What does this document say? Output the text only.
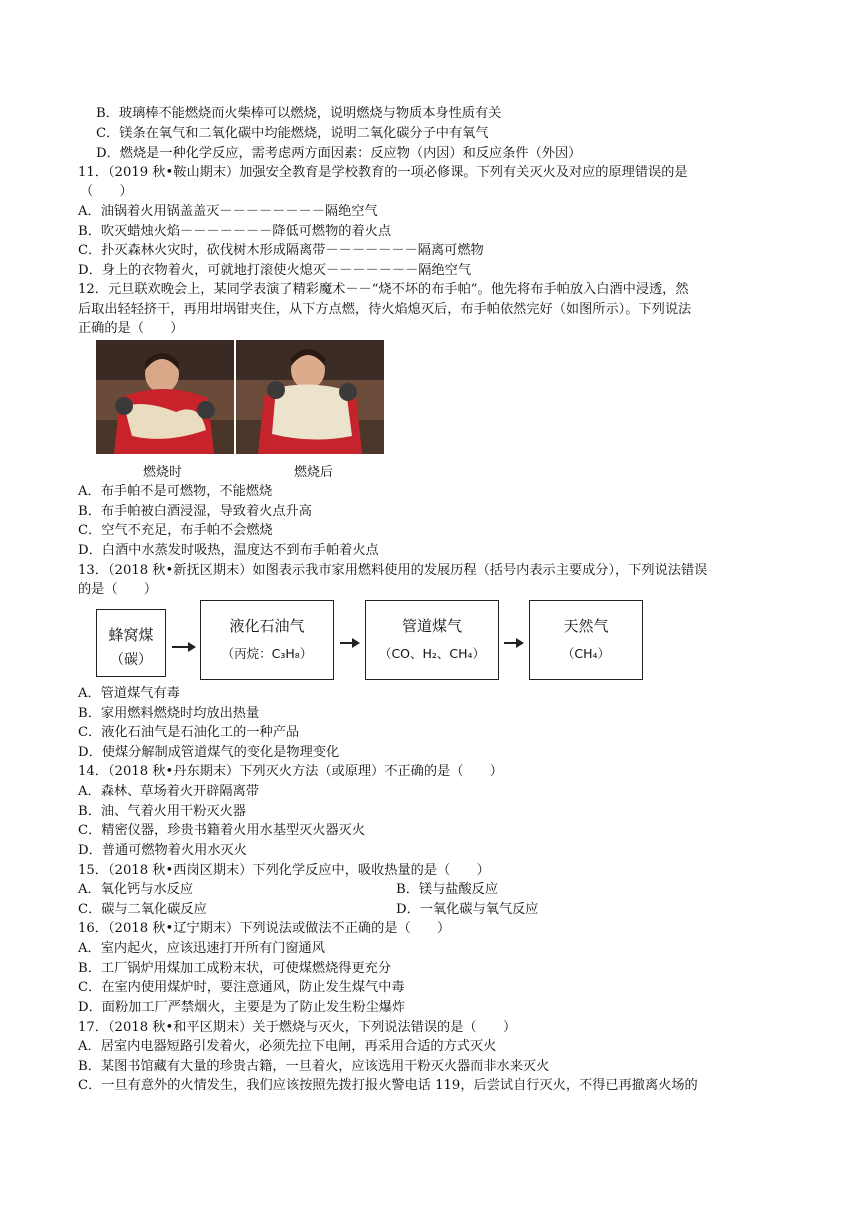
B．玻璃棒不能燃烧而火柴棒可以燃烧，说明燃烧与物质本身性质有关
C．镁条在氧气和二氧化碳中均能燃烧，说明二氧化碳分子中有氧气
D．燃烧是一种化学反应，需考虑两方面因素：反应物（内因）和反应条件（外因）
11．（2019 秋•鞍山期末）加强安全教育是学校教育的一项必修课。下列有关灭火及对应的原理错误的是
（　　）
A．油锅着火用锅盖盖灭－－－－－－－－隔绝空气
B．吹灭蜡烛火焰－－－－－－－降低可燃物的着火点
C．扑灭森林火灾时，砍伐树木形成隔离带－－－－－－－隔离可燃物
D．身上的衣物着火，可就地打滚使火熄灭－－－－－－－隔绝空气
12．元旦联欢晚会上，某同学表演了精彩魔术－－“烧不坏的布手帕”。他先将布手帕放入白酒中浸透，然
后取出轻轻挤干，再用坩埚钳夹住，从下方点燃，待火焰熄灭后，布手帕依然完好（如图所示）。下列说法
正确的是（　　）
燃烧时	燃烧后
A．布手帕不是可燃物，不能燃烧
B．布手帕被白酒浸湿，导致着火点升高
C．空气不充足，布手帕不会燃烧
D．白酒中水蒸发时吸热，温度达不到布手帕着火点
13．（2018 秋•新抚区期末）如图表示我市家用燃料使用的发展历程（括号内表示主要成分），下列说法错误
的是（　　）
蜂窝煤
（碳）
液化石油气
（丙烷：C₃H₈）
管道煤气
（CO、H₂、CH₄）
天然气
（CH₄）
A．管道煤气有毒
B．家用燃料燃烧时均放出热量
C．液化石油气是石油化工的一种产品
D．使煤分解制成管道煤气的变化是物理变化
14．（2018 秋•丹东期末）下列灭火方法（或原理）不正确的是（　　）
A．森林、草场着火开辟隔离带
B．油、气着火用干粉灭火器
C．精密仪器，珍贵书籍着火用水基型灭火器灭火
D．普通可燃物着火用水灭火
15．（2018 秋•西岗区期末）下列化学反应中，吸收热量的是（　　）
A．氧化钙与水反应	B．镁与盐酸反应
C．碳与二氧化碳反应	D．一氧化碳与氧气反应
16．（2018 秋•辽宁期末）下列说法或做法不正确的是（　　）
A．室内起火，应该迅速打开所有门窗通风
B．工厂锅炉用煤加工成粉末状，可使煤燃烧得更充分
C．在室内使用煤炉时，要注意通风，防止发生煤气中毒
D．面粉加工厂严禁烟火，主要是为了防止发生粉尘爆炸
17．（2018 秋•和平区期末）关于燃烧与灭火，下列说法错误的是（　　）
A．居室内电器短路引发着火，必须先拉下电闸，再采用合适的方式灭火
B．某图书馆藏有大量的珍贵古籍，一旦着火，应该选用干粉灭火器而非水来灭火
C．一旦有意外的火情发生，我们应该按照先拨打报火警电话 119，后尝试自行灭火，不得已再撤离火场的
